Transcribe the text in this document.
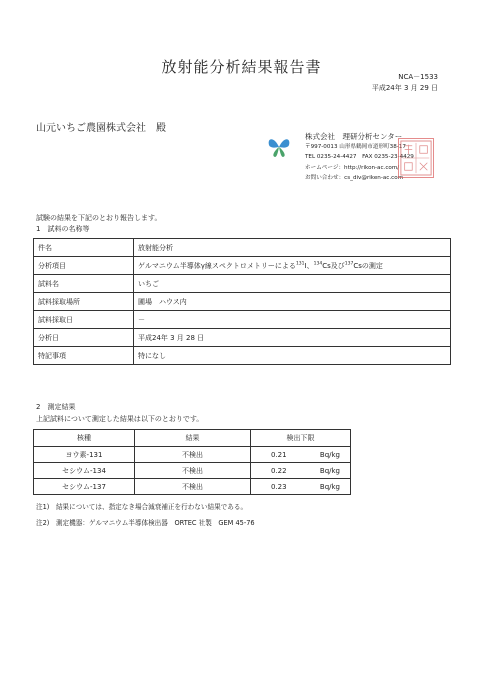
放射能分析結果報告書
NCA－1533
平成24年 3 月 29 日
山元いちご農園株式会社　殿
株式会社　理研分析センター
〒997-0013 山形県鶴岡市道形町38-17
TEL 0235-24-4427　FAX 0235-23-4429
ホームページ：http://rikon-ac.com/
お問い合わせ：cs_div@riken-ac.com
試験の結果を下記のとおり報告します。
1　試料の名称等
件名	放射能分析
分析項目	ゲルマニウム半導体γ線スペクトロメトリーによる$^{131}$I、$^{134}$Cs及び$^{137}$Csの測定
試料名	いちご
試料採取場所	圃場　ハウス内
試料採取日	－
分析日	平成24年 3 月 28 日
特記事項	特になし
2　測定結果
上記試料について測定した結果は以下のとおりです。
核種	結果	検出下限
ヨウ素-131	不検出	0.21 Bq/kg

セシウム-134	不検出	0.22 Bq/kg

セシウム-137	不検出	0.23 Bq/kg
注1)　結果については、指定なき場合減衰補正を行わない結果である。
注2)　測定機器：ゲルマニウム半導体検出器　ORTEC 社製　GEM 45-76
